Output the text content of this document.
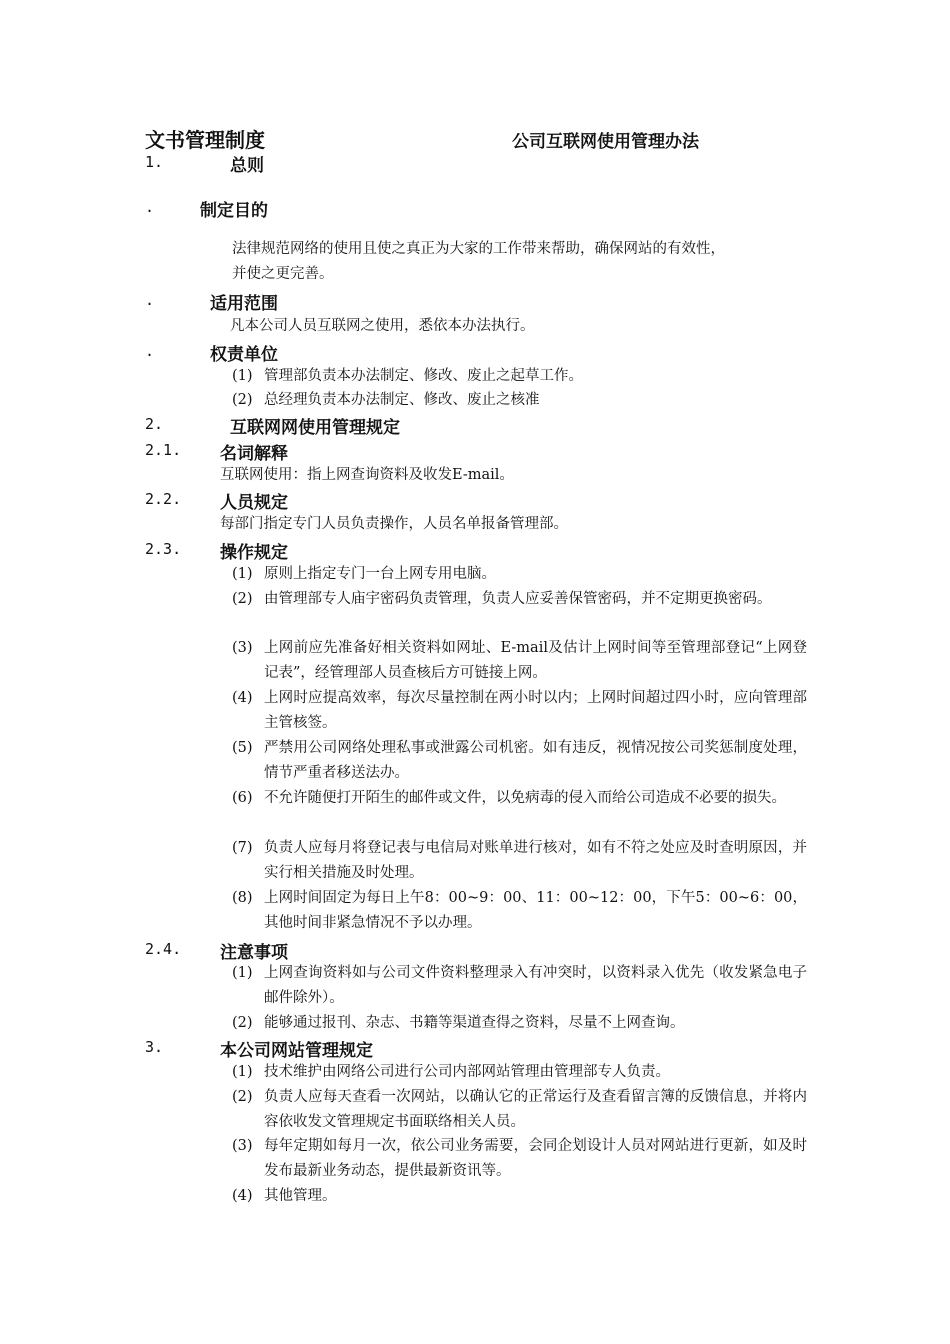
文书管理制度	公司互联网使用管理办法
1.	总则
.	制定目的
法律规范网络的使用且使之真正为大家的工作带来帮助，确保网站的有效性，
并使之更完善。
.	适用范围
凡本公司人员互联网之使用，悉依本办法执行。
.	权责单位
(1) 管理部负责本办法制定、修改、废止之起草工作。
(2) 总经理负责本办法制定、修改、废止之核准
2.	互联网网使用管理规定
2.1. 名词解释
互联网使用：指上网查询资料及收发E-mail。
2.2. 人员规定
每部门指定专门人员负责操作，人员名单报备管理部。
2.3. 操作规定
(1) 原则上指定专门一台上网专用电脑。
(2) 由管理部专人庙宇密码负责管理，负责人应妥善保管密码，并不定期更换密码。
(3) 上网前应先准备好相关资料如网址、E-mail及估计上网时间等至管理部登记“上网登记表”，经管理部人员查核后方可链接上网。
(4) 上网时应提高效率，每次尽量控制在两小时以内；上网时间超过四小时，应向管理部主管核签。
(5) 严禁用公司网络处理私事或泄露公司机密。如有违反，视情况按公司奖惩制度处理，情节严重者移送法办。
(6) 不允许随便打开陌生的邮件或文件，以免病毒的侵入而给公司造成不必要的损失。
(7) 负责人应每月将登记表与电信局对账单进行核对，如有不符之处应及时查明原因，并实行相关措施及时处理。
(8) 上网时间固定为每日上午8：00~9：00、11：00~12：00，下午5：00~6：00，其他时间非紧急情况不予以办理。
2.4. 注意事项
(1) 上网查询资料如与公司文件资料整理录入有冲突时，以资料录入优先（收发紧急电子邮件除外）。
(2) 能够通过报刊、杂志、书籍等渠道查得之资料，尽量不上网查询。
3.	本公司网站管理规定
(1) 技术维护由网络公司进行公司内部网站管理由管理部专人负责。
(2) 负责人应每天查看一次网站，以确认它的正常运行及查看留言簿的反馈信息，并将内容依收发文管理规定书面联络相关人员。
(3) 每年定期如每月一次，依公司业务需要，会同企划设计人员对网站进行更新，如及时发布最新业务动态，提供最新资讯等。
(4) 其他管理。
